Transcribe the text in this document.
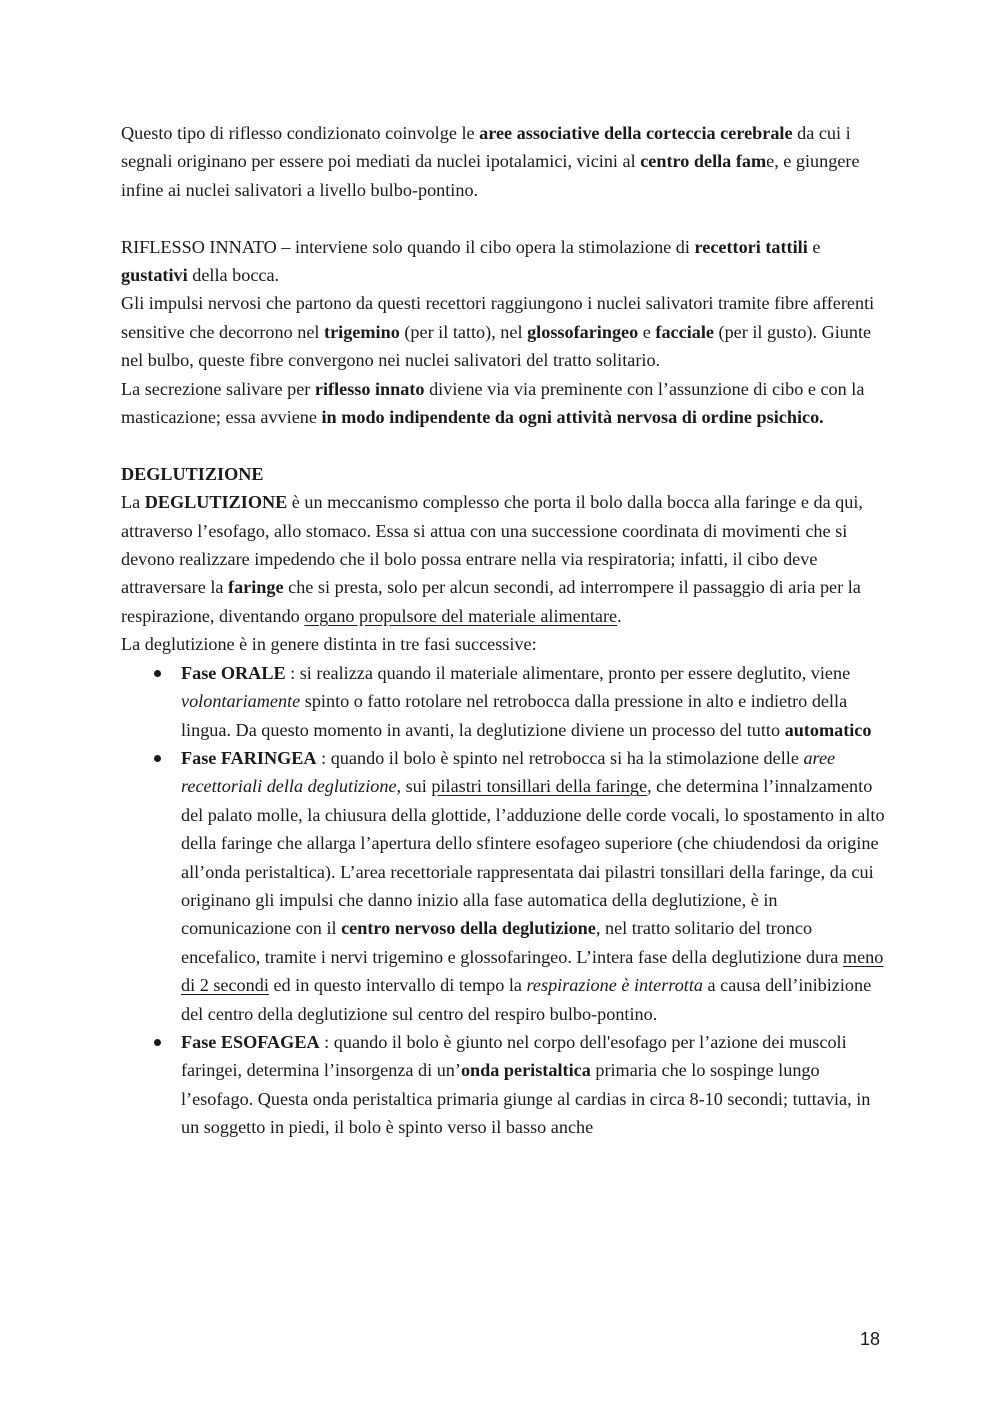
Questo tipo di riflesso condizionato coinvolge le aree associative della corteccia cerebrale da cui i segnali originano per essere poi mediati da nuclei ipotalamici, vicini al centro della fame, e giungere infine ai nuclei salivatori a livello bulbo-pontino.

RIFLESSO INNATO – interviene solo quando il cibo opera la stimolazione di recettori tattili e gustativi della bocca.

Gli impulsi nervosi che partono da questi recettori raggiungono i nuclei salivatori tramite fibre afferenti sensitive che decorrono nel trigemino (per il tatto), nel glossofaringeo e facciale (per il gusto). Giunte nel bulbo, queste fibre convergono nei nuclei salivatori del tratto solitario.

La secrezione salivare per riflesso innato diviene via via preminente con l’assunzione di cibo e con la masticazione; essa avviene in modo indipendente da ogni attività nervosa di ordine psichico.

DEGLUTIZIONE

La DEGLUTIZIONE è un meccanismo complesso che porta il bolo dalla bocca alla faringe e da qui, attraverso l’esofago, allo stomaco. Essa si attua con una successione coordinata di movimenti che si devono realizzare impedendo che il bolo possa entrare nella via respiratoria; infatti, il cibo deve attraversare la faringe che si presta, solo per alcun secondi, ad interrompere il passaggio di aria per la respirazione, diventando organo propulsore del materiale alimentare.

La deglutizione è in genere distinta in tre fasi successive:

Fase ORALE : si realizza quando il materiale alimentare, pronto per essere deglutito, viene volontariamente spinto o fatto rotolare nel retrobocca dalla pressione in alto e indietro della lingua. Da questo momento in avanti, la deglutizione diviene un processo del tutto automatico
Fase FARINGEA : quando il bolo è spinto nel retrobocca si ha la stimolazione delle aree recettoriali della deglutizione, sui pilastri tonsillari della faringe, che determina l’innalzamento del palato molle, la chiusura della glottide, l’adduzione delle corde vocali, lo spostamento in alto della faringe che allarga l’apertura dello sfintere esofageo superiore (che chiudendosi da origine all’onda peristaltica). L’area recettoriale rappresentata dai pilastri tonsillari della faringe, da cui originano gli impulsi che danno inizio alla fase automatica della deglutizione, è in comunicazione con il centro nervoso della deglutizione, nel tratto solitario del tronco encefalico, tramite i nervi trigemino e glossofaringeo. L’intera fase della deglutizione dura meno di 2 secondi ed in questo intervallo di tempo la respirazione è interrotta a causa dell’inibizione del centro della deglutizione sul centro del respiro bulbo-pontino.
Fase ESOFAGEA : quando il bolo è giunto nel corpo dell'esofago per l’azione dei muscoli faringei, determina l’insorgenza di un’onda peristaltica primaria che lo sospinge lungo l’esofago. Questa onda peristaltica primaria giunge al cardias in circa 8-10 secondi; tuttavia, in un soggetto in piedi, il bolo è spinto verso il basso anche
18
